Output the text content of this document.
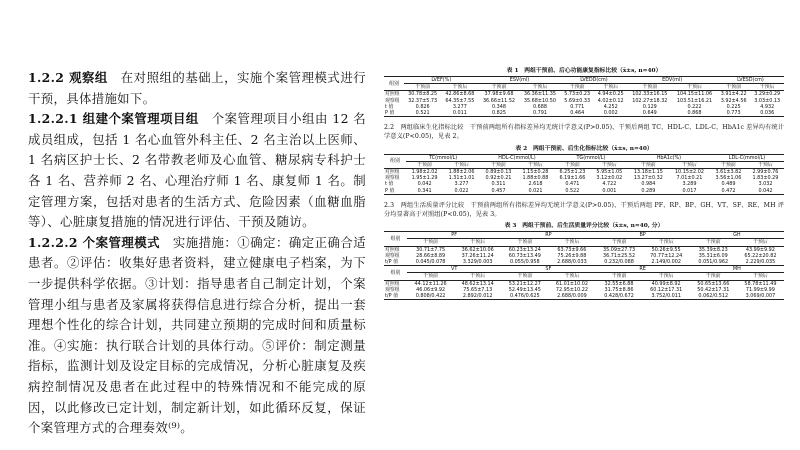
1.2.2 观察组　 在对照组的基础上，实施个案管理模式进行干预，具体措施如下。

1.2.2.1 组建个案管理项目组　 个案管理项目小组由 12 名成员组成，包括 1 名心血管外科主任、2 名主治以上医师、1 名病区护士长、2 名带教老师及心血管、糖尿病专科护士各 1 名、营养师 2 名、心理治疗师 1 名、康复师 1 名。制定管理方案，包括对患者的生活方式、危险因素（血糖血脂等）、心脏康复措施的情况进行评估、干预及随访。

1.2.2.2 个案管理模式　 实施措施：①确定：确定正确合适患者。②评估：收集好患者资料，建立健康电子档案，为下一步提供科学依据。③计划：指导患者自己制定计划，个案管理小组与患者及家属将获得信息进行综合分析，提出一套理想个性化的综合计划，共同建立预期的完成时间和质量标准。④实施：执行联合计划的具体行动。⑤评价：制定测量指标，监测计划及设定目标的完成情况，分析心脏康复及疾病控制情况及患者在此过程中的特殊情况和不能完成的原因，以此修改已定计划，制定新计划，如此循环反复，保证个案管理方式的合理奏效⁽⁹⁾。

表 1　两组干预前、后心功能康复指标比较（x̄±s, n=40）
组别	LVEF(%)		ESV(ml)		LVEDD(cm)		EDV(ml)		LVESD(cm)	
	干预前	干预后	干预前	干预后	干预前	干预后	干预前	干预后	干预前	干预后
对照组	30.78±8.25	42.86±8.68	37.98±9.68	36.36±11.35	5.73±0.23	4.94±0.25	102.33±16.15	104.15±11.06	3.91±4.22	3.29±0.29
观察组	32.37±5.73	64.35±7.55	36.66±11.52	35.68±10.50	5.69±0.33	4.02±0.12	102.27±18.32	103.51±16.21	3.92±4.56	3.03±0.13
t 值	0.826	3.277	0.348	0.688	0.771	4.252	0.129	0.222	0.225	4.932
P 值	0.521	0.011	0.825	0.791	0.464	0.002	0.649	0.868	0.773	0.036
2.2　两组临床生化指标比较　干预前两组所有指标差异均无统计学意义(P>0.05)，干预后两组 TC、HDL-C、LDL-C、HbA1c 差异均有统计学意义(P<0.05)，见表 2。
表 2　两组干预前、后生化指标比较（x̄±s, n=40）
组别	TC(mmol/L)		HDL-C(mmol/L)		TG(mmol/L)		HbA1c(%)		LDL-C(mmol/L)	
	干预前	干预后	干预前	干预后	干预前	干预后	干预前	干预后	干预前	干预后
对照组	1.98±2.02	1.88±2.06	0.89±0.13	1.15±0.28	6.25±1.23	5.95±1.05	13.18±1.15	10.15±2.02	3.61±3.82	2.99±0.76
观察组	1.95±1.29	1.31±1.01	0.92±0.21	1.88±0.88	6.19±1.66	3.12±0.02	13.27±0.32	7.01±0.21	3.56±1.06	1.83±0.29
t 值	0.042	3.277	0.311	2.618	0.471	4.722	0.984	3.289	0.489	3.032
P 值	0.341	0.022	0.457	0.021	0.522	0.001	0.289	0.017	0.472	0.042
2.3　两组生活质量评分比较　干预前两组所有指标差异均无统计学意义(P>0.05)，干预后两组 PF、RP、BP、GH、VT、SF、RE、MH 评分均显著高于对照组(P<0.05)，见表 3。
表 3　两组干预前、后生活质量评分比较（x̄±s, n=40, 分）
组别	PF		RP		BP		GH	
	干预前	干预后	干预前	干预后	干预前	干预后	干预前	干预后
对照组	30.71±7.75	36.62±10.06	60.23±13.24	63.73±9.66	35.09±27.73	50.26±9.55	35.39±8.23	43.99±9.92
观察组	28.66±8.89	37.26±11.24	60.73±13.49	75.26±9.88	36.71±25.52	70.77±12.24	35.31±6.09	65.22±20.82
t/P 值	0.045/0.078	3.329/0.003	0.055/0.958	2.688/0.033	0.232/0.088	2.149/0.002	0.051/0.962	2.229/0.035
组别	VT		SF		RE		MH	
	干预前	干预后	干预前	干预后	干预前	干预后	干预前	干预后
对照组	44.12±11.26	48.62±13.14	53.21±12.27	61.01±10.02	32.55±6.88	40.99±8.92	50.65±13.66	58.78±11.49
观察组	46.06±9.92	75.65±7.13	52.49±13.45	72.95±10.22	31.75±8.86	60.12±17.31	50.42±17.31	71.99±9.99
t/P 值	0.808/0.422	2.892/0.012	0.476/0.625	2.688/0.009	0.428/0.672	3.752/0.011	0.062/0.512	3.069/0.007
